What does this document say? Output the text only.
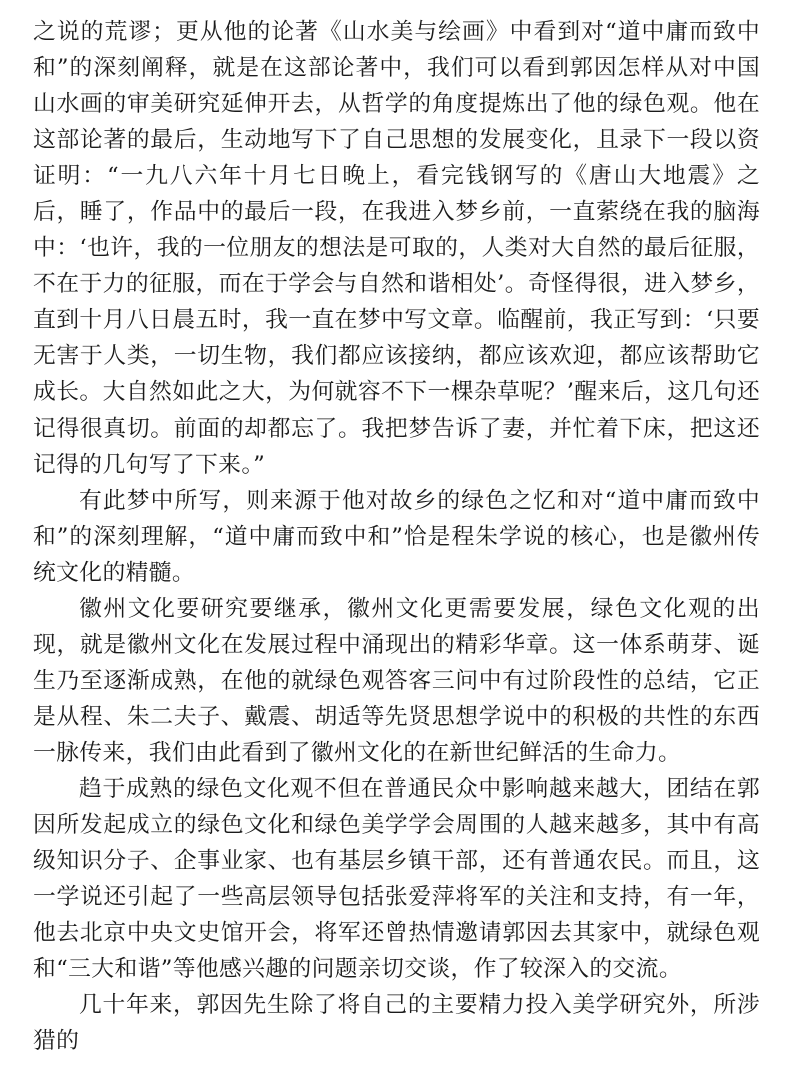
之说的荒谬；更从他的论著《山水美与绘画》中看到对“道中庸而致中和”的深刻阐释，就是在这部论著中，我们可以看到郭因怎样从对中国山水画的审美研究延伸开去，从哲学的角度提炼出了他的绿色观。他在这部论著的最后，生动地写下了自己思想的发展变化，且录下一段以资证明：“一九八六年十月七日晚上，看完钱钢写的《唐山大地震》之后，睡了，作品中的最后一段，在我进入梦乡前，一直萦绕在我的脑海中：‘也许，我的一位朋友的想法是可取的，人类对大自然的最后征服，不在于力的征服，而在于学会与自然和谐相处’。奇怪得很，进入梦乡，直到十月八日晨五时，我一直在梦中写文章。临醒前，我正写到：‘只要无害于人类，一切生物，我们都应该接纳，都应该欢迎，都应该帮助它成长。大自然如此之大，为何就容不下一棵杂草呢？’醒来后，这几句还记得很真切。前面的却都忘了。我把梦告诉了妻，并忙着下床，把这还记得的几句写了下来。”

有此梦中所写，则来源于他对故乡的绿色之忆和对“道中庸而致中和”的深刻理解，“道中庸而致中和”恰是程朱学说的核心，也是徽州传统文化的精髓。

徽州文化要研究要继承，徽州文化更需要发展，绿色文化观的出现，就是徽州文化在发展过程中涌现出的精彩华章。这一体系萌芽、诞生乃至逐渐成熟，在他的就绿色观答客三问中有过阶段性的总结，它正是从程、朱二夫子、戴震、胡适等先贤思想学说中的积极的共性的东西一脉传来，我们由此看到了徽州文化的在新世纪鲜活的生命力。

趋于成熟的绿色文化观不但在普通民众中影响越来越大，团结在郭因所发起成立的绿色文化和绿色美学学会周围的人越来越多，其中有高级知识分子、企事业家、也有基层乡镇干部，还有普通农民。而且，这一学说还引起了一些高层领导包括张爱萍将军的关注和支持，有一年，他去北京中央文史馆开会，将军还曾热情邀请郭因去其家中，就绿色观和“三大和谐”等他感兴趣的问题亲切交谈，作了较深入的交流。

几十年来，郭因先生除了将自己的主要精力投入美学研究外，所涉猎的
